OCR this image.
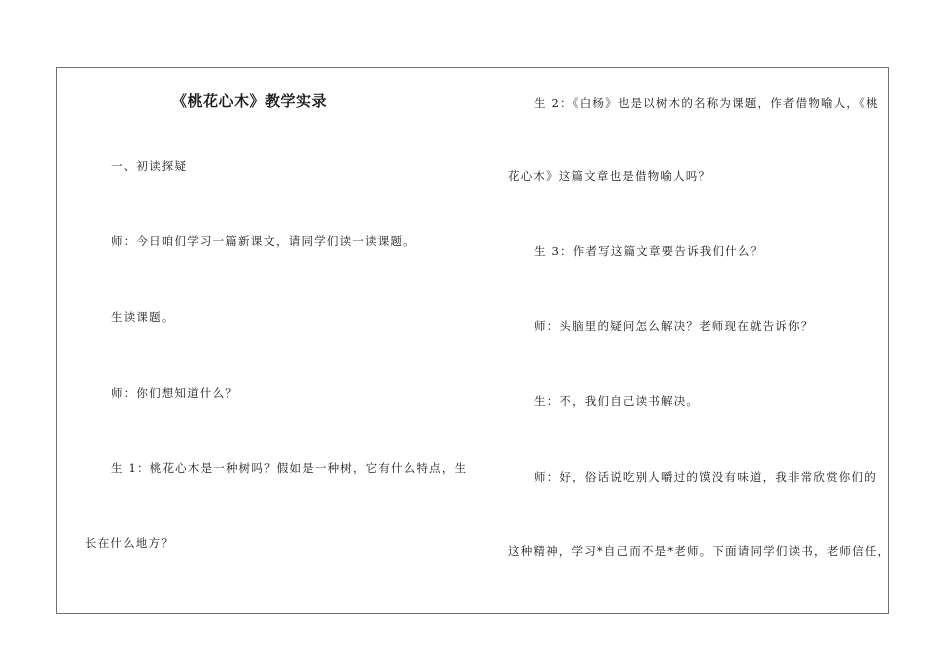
《桃花心木》教学实录
一、初读探疑
师：今日咱们学习一篇新课文，请同学们读一读课题。
生读课题。
师：你们想知道什么？
生 1：桃花心木是一种树吗？假如是一种树，它有什么特点，生
长在什么地方？
生 2：《白杨》也是以树木的名称为课题，作者借物喻人，《桃
花心木》这篇文章也是借物喻人吗？
生 3：作者写这篇文章要告诉我们什么？
师：头脑里的疑问怎么解决？老师现在就告诉你？
生：不，我们自己读书解决。
师：好，俗话说吃别人嚼过的馍没有味道，我非常欣赏你们的
这种精神，学习*自己而不是*老师。下面请同学们读书，老师信任，
